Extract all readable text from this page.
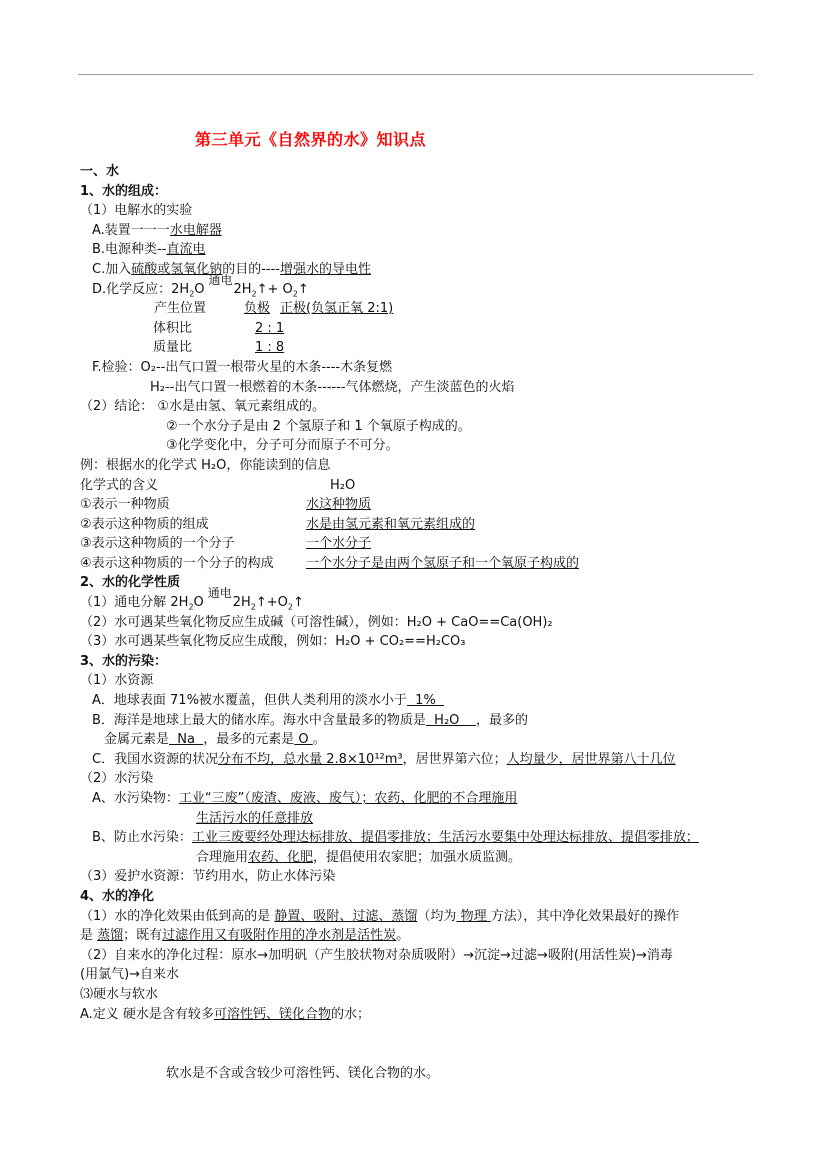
第三单元《自然界的水》知识点
一、水
1、水的组成：
（1）电解水的实验
A.装置一一一水电解器
B.电源种类--直流电
C.加入硫酸或氢氧化钠的目的----增强水的导电性
D.化学反应：$2H_2O$
通电
$2H_2↑+$ $O_2↑$
产生位置	负极 正极(负氢正氧 2:1)
体积比	2 : 1
质量比	1 : 8
F.检验：O₂--出气口置一根带火星的木条----木条复燃
H₂--出气口置一根燃着的木条------气体燃烧，产生淡蓝色的火焰
（2）结论： ①水是由氢、氧元素组成的。
②一个水分子是由 2 个氢原子和 1 个氧原子构成的。
③化学变化中，分子可分而原子不可分。
例：根据水的化学式 H₂O，你能读到的信息
化学式的含义	H₂O
①表示一种物质	水这种物质
②表示这种物质的组成	水是由氢元素和氧元素组成的
③表示这种物质的一个分子	一个水分子
④表示这种物质的一个分子的构成 一个水分子是由两个氢原子和一个氧原子构成的
2、水的化学性质
（1）通电分解 $2H_2O$
通电
$2H_2↑+O_2↑$
（2）水可遇某些氧化物反应生成碱（可溶性碱），例如：H₂O + CaO==Ca(OH)₂
（3）水可遇某些氧化物反应生成酸，例如：H₂O + CO₂==H₂CO₃
3、水的污染：
（1）水资源
A．地球表面 71%被水覆盖，但供人类利用的淡水小于  1%
B．海洋是地球上最大的储水库。海水中含量最多的物质是  H₂O    ，最多的
金属元素是  Na  ，最多的元素是 O 。
C．我国水资源的状况分布不均，总水量 2.8×10¹²m³，居世界第六位；人均量少，居世界第八十几位
（2）水污染
A、水污染物：工业“三废”（废渣、废液、废气）；农药、化肥的不合理施用
生活污水的任意排放
B、防止水污染：工业三废要经处理达标排放、提倡零排放；生活污水要集中处理达标排放、提倡零排放；
合理施用农药、化肥，提倡使用农家肥；加强水质监测。
（3）爱护水资源：节约用水，防止水体污染
4、水的净化
（1）水的净化效果由低到高的是 静置、吸附、过滤、蒸馏（均为 物理 方法），其中净化效果最好的操作
是 蒸馏；既有过滤作用又有吸附作用的净水剂是活性炭。
（2）自来水的净化过程：原水→加明矾（产生胶状物对杂质吸附）→沉淀→过滤→吸附(用活性炭)→消毒
(用氯气)→自来水
⑶硬水与软水
A.定义 硬水是含有较多可溶性钙、镁化合物的水；
软水是不含或含较少可溶性钙、镁化合物的水。
